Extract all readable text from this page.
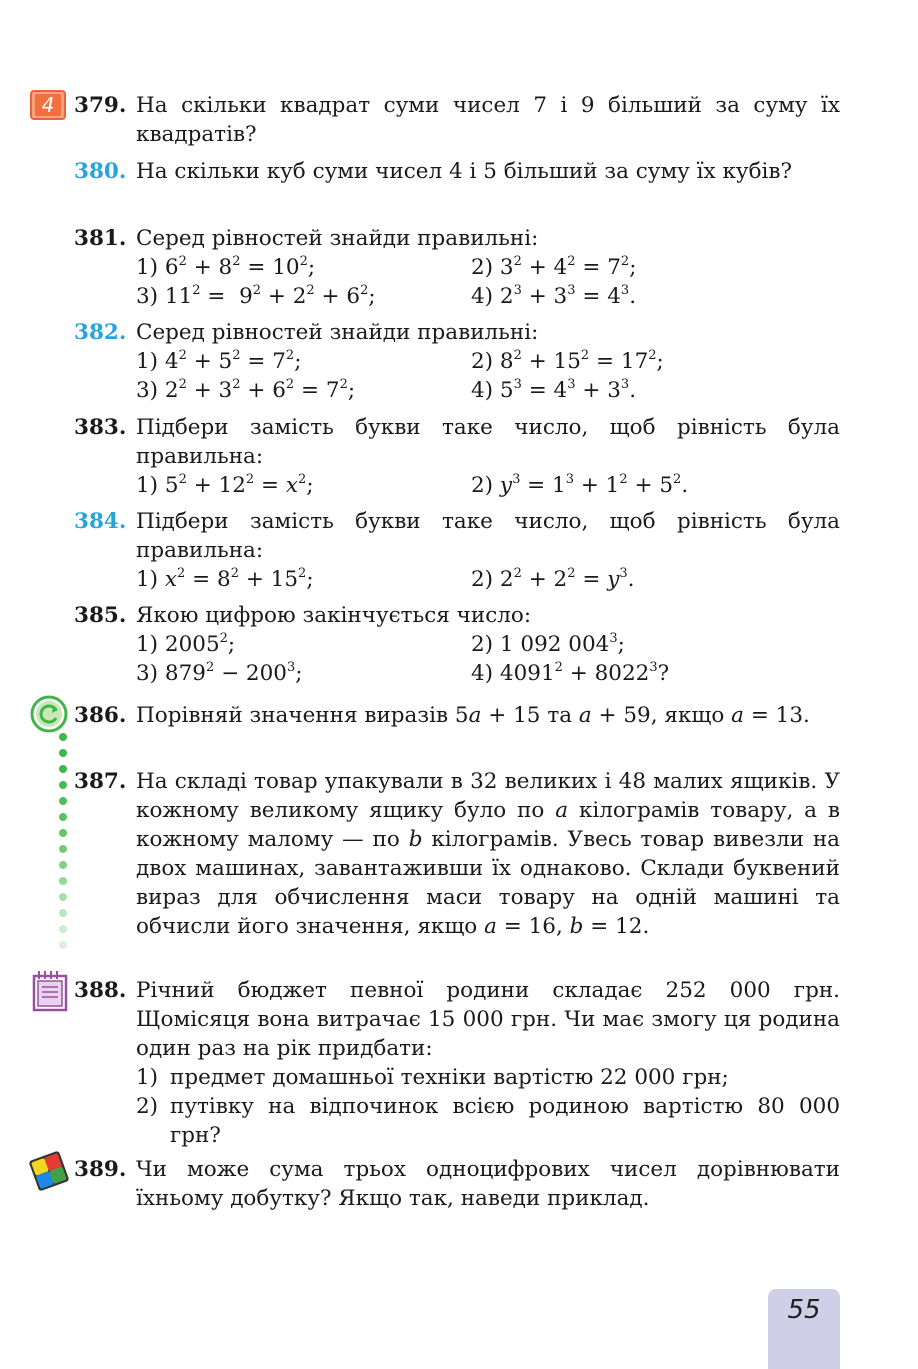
4 379. На скільки квадрат суми чисел 7 і 9 більший за суму їх квадратів?
380. На скільки куб суми чисел 4 і 5 більший за суму їх кубів?
381. Серед рівностей знайди правильні:
1) $6^2 + 8^2 = 10^2$;	2) $3^2 + 4^2 = 7^2$;
3) $11^2 = 9^2 + 2^2 + 6^2$;	4) $2^3 + 3^3 = 4^3$.
382. Серед рівностей знайди правильні:
1) $4^2 + 5^2 = 7^2$;	2) $8^2 + 15^2 = 17^2$;
3) $2^2 + 3^2 + 6^2 = 7^2$;	4) $5^3 = 4^3 + 3^3$.
383. Підбери замість букви таке число, щоб рівність була правильна:
1) $5^2 + 12^2 = x^2$;	2) $y^3 = 1^3 + 1^2 + 5^2$.
384. Підбери замість букви таке число, щоб рівність була правильна:
1) $x^2 = 8^2 + 15^2$;	2) $2^2 + 2^2 = y^3$.
385. Якою цифрою закінчується число:
1) 2005$^2$;	2) 1 092 $004^3$;
3) $879^2 - 200^3$;	4) $4091^2 + 8022^3$?
386. Порівняй значення виразів 5a + 15 та a + 59, якщо a = 13.
387. На складі товар упакували в 32 великих і 48 малих ящиків. У кожному великому ящику було по a кілограмів товару, а в кожному малому — по b кілограмів. Увесь товар вивезли на двох машинах, завантаживши їх однаково. Склади буквений вираз для обчислення маси товару на одній машині та обчисли його значення, якщо a = 16, b = 12.
388. Річний бюджет певної родини складає 252 000 грн. Щомісяця вона витрачає 15 000 грн. Чи має змогу ця родина один раз на рік придбати:
1) предмет домашньої техніки вартістю 22 000 грн;
2) путівку на відпочинок всією родиною вартістю 80 000 грн?
389. Чи може сума трьох одноцифрових чисел дорівнювати їхньому добутку? Якщо так, наведи приклад.
55
